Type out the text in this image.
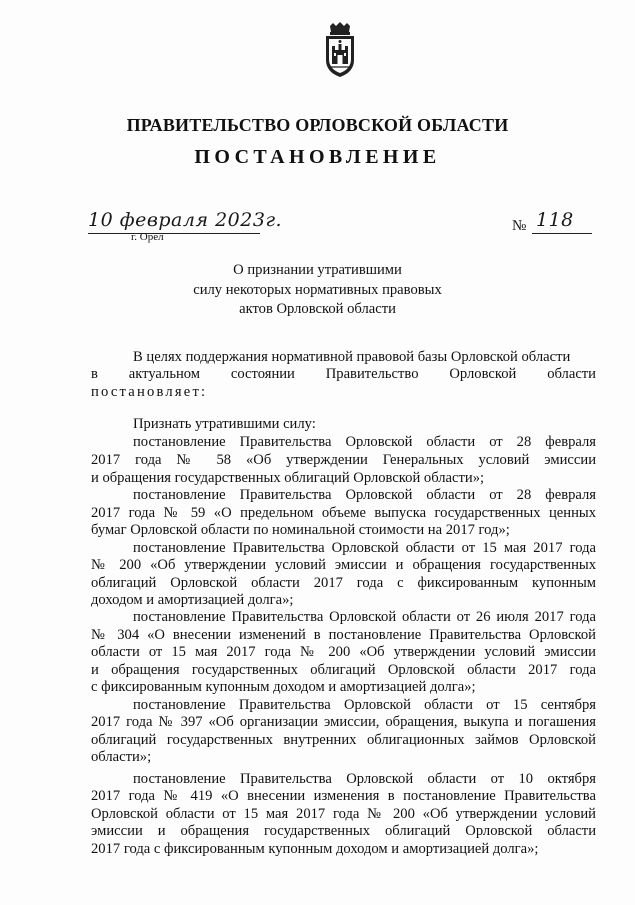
ПРАВИТЕЛЬСТВО ОРЛОВСКОЙ ОБЛАСТИ
ПОСТАНОВЛЕНИЕ
10 февраля 2023г.
г. Орёл
№ 118
О признании утратившими
силу некоторых нормативных правовых
актов Орловской области
В целях поддержания нормативной правовой базы Орловской области
в актуальном состоянии Правительство Орловской области
постановляет:
Признать утратившими силу:
постановление Правительства Орловской области от 28 февраля
2017 года № 58 «Об утверждении Генеральных условий эмиссии
и обращения государственных облигаций Орловской области»;
постановление Правительства Орловской области от 28 февраля
2017 года № 59 «О предельном объеме выпуска государственных ценных
бумаг Орловской области по номинальной стоимости на 2017 год»;
постановление Правительства Орловской области от 15 мая 2017 года
№ 200 «Об утверждении условий эмиссии и обращения государственных
облигаций Орловской области 2017 года с фиксированным купонным
доходом и амортизацией долга»;
постановление Правительства Орловской области от 26 июля 2017 года
№ 304 «О внесении изменений в постановление Правительства Орловской
области от 15 мая 2017 года № 200 «Об утверждении условий эмиссии
и обращения государственных облигаций Орловской области 2017 года
с фиксированным купонным доходом и амортизацией долга»;
постановление Правительства Орловской области от 15 сентября
2017 года № 397 «Об организации эмиссии, обращения, выкупа и погашения
облигаций государственных внутренних облигационных займов Орловской
области»;
постановление Правительства Орловской области от 10 октября
2017 года № 419 «О внесении изменения в постановление Правительства
Орловской области от 15 мая 2017 года № 200 «Об утверждении условий
эмиссии и обращения государственных облигаций Орловской области
2017 года с фиксированным купонным доходом и амортизацией долга»;
